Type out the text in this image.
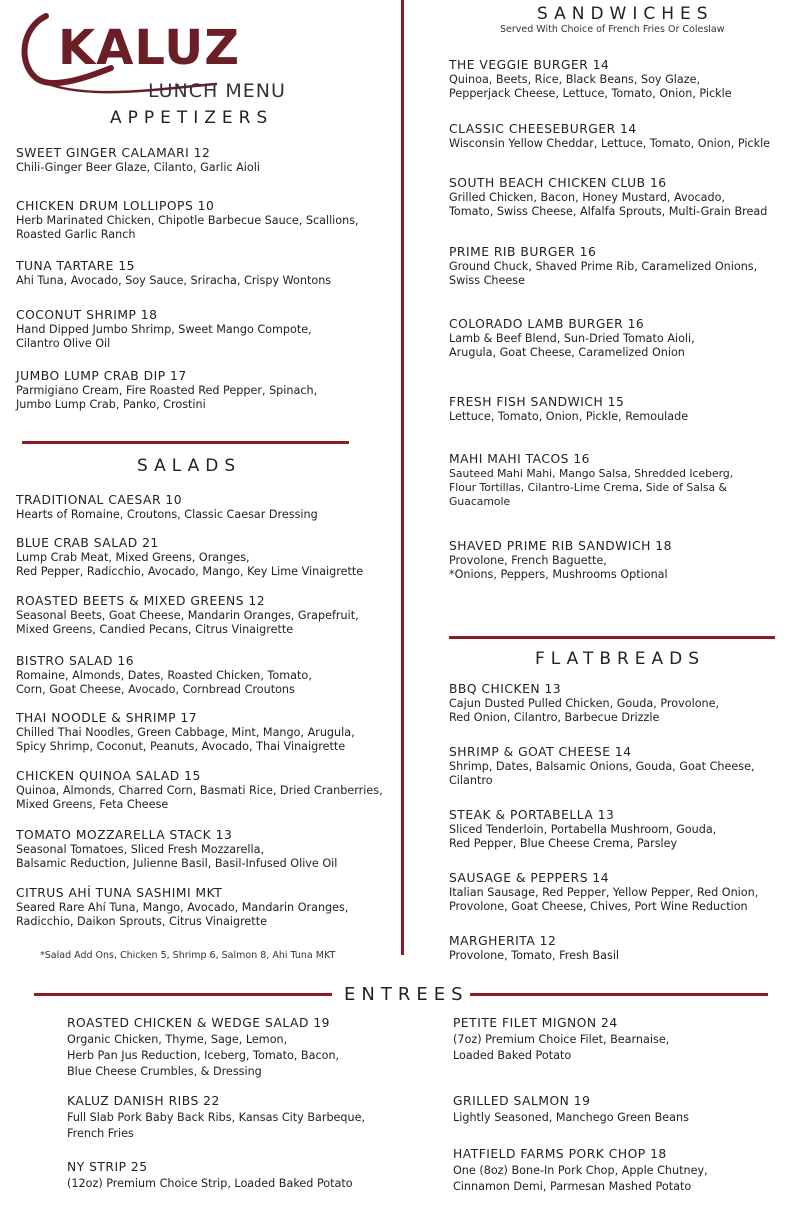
KALUZ
LUNCH MENU
APPETIZERS
SWEET GINGER CALAMARI 12
Chili-Ginger Beer Glaze, Cilanto, Garlic Aioli
CHICKEN DRUM LOLLIPOPS 10
Herb Marinated Chicken, Chipotle Barbecue Sauce, Scallions,
Roasted Garlic Ranch
TUNA TARTARE 15
Ahi Tuna, Avocado, Soy Sauce, Sriracha, Crispy Wontons
COCONUT SHRIMP 18
Hand Dipped Jumbo Shrimp, Sweet Mango Compote,
Cilantro Olive Oil
JUMBO LUMP CRAB DIP 17
Parmigiano Cream, Fire Roasted Red Pepper, Spinach,
Jumbo Lump Crab, Panko, Crostini
SALADS
TRADITIONAL CAESAR 10
Hearts of Romaine, Croutons, Classic Caesar Dressing
BLUE CRAB SALAD 21
Lump Crab Meat, Mixed Greens, Oranges,
Red Pepper, Radicchio, Avocado, Mango, Key Lime Vinaigrette
ROASTED BEETS & MIXED GREENS 12
Seasonal Beets, Goat Cheese, Mandarin Oranges, Grapefruit,
Mixed Greens, Candied Pecans, Citrus Vinaigrette
BISTRO SALAD 16
Romaine, Almonds, Dates, Roasted Chicken, Tomato,
Corn, Goat Cheese, Avocado, Cornbread Croutons
THAI NOODLE & SHRIMP 17
Chilled Thai Noodles, Green Cabbage, Mint, Mango, Arugula,
Spicy Shrimp, Coconut, Peanuts, Avocado, Thai Vinaigrette
CHICKEN QUINOA SALAD 15
Quinoa, Almonds, Charred Corn, Basmati Rice, Dried Cranberries,
Mixed Greens, Feta Cheese
TOMATO MOZZARELLA STACK 13
Seasonal Tomatoes, Sliced Fresh Mozzarella,
Balsamic Reduction, Julienne Basil, Basil-Infused Olive Oil
CITRUS AHÍ TUNA SASHIMI MKT
Seared Rare Ahí Tuna, Mango, Avocado, Mandarin Oranges,
Radicchio, Daikon Sprouts, Citrus Vinaigrette
*Salad Add Ons, Chicken 5, Shrimp 6, Salmon 8, Ahi Tuna MKT
SANDWICHES
Served With Choice of French Fries Or Coleslaw
THE VEGGIE BURGER 14
Quinoa, Beets, Rice, Black Beans, Soy Glaze,
Pepperjack Cheese, Lettuce, Tomato, Onion, Pickle
CLASSIC CHEESEBURGER 14
Wisconsin Yellow Cheddar, Lettuce, Tomato, Onion, Pickle
SOUTH BEACH CHICKEN CLUB 16
Grilled Chicken, Bacon, Honey Mustard, Avocado,
Tomato, Swiss Cheese, Alfalfa Sprouts, Multi-Grain Bread
PRIME RIB BURGER 16
Ground Chuck, Shaved Prime Rib, Caramelized Onions,
Swiss Cheese
COLORADO LAMB BURGER 16
Lamb & Beef Blend, Sun-Dried Tomato Aioli,
Arugula, Goat Cheese, Caramelized Onion
FRESH FISH SANDWICH 15
Lettuce, Tomato, Onion, Pickle, Remoulade
MAHI MAHI TACOS 16
Sauteed Mahi Mahi, Mango Salsa, Shredded Iceberg,
Flour Tortillas, Cilantro-Lime Crema, Side of Salsa &
Guacamole
SHAVED PRIME RIB SANDWICH 18
Provolone, French Baguette,
*Onions, Peppers, Mushrooms Optional
FLATBREADS
BBQ CHICKEN 13
Cajun Dusted Pulled Chicken, Gouda, Provolone,
Red Onion, Cilantro, Barbecue Drizzle
SHRIMP & GOAT CHEESE 14
Shrimp, Dates, Balsamic Onions, Gouda, Goat Cheese,
Cilantro
STEAK & PORTABELLA 13
Sliced Tenderloin, Portabella Mushroom, Gouda,
Red Pepper, Blue Cheese Crema, Parsley
SAUSAGE & PEPPERS 14
Italian Sausage, Red Pepper, Yellow Pepper, Red Onion,
Provolone, Goat Cheese, Chives, Port Wine Reduction
MARGHERITA 12
Provolone, Tomato, Fresh Basil
ENTREES
ROASTED CHICKEN & WEDGE SALAD 19
Organic Chicken, Thyme, Sage, Lemon,
Herb Pan Jus Reduction, Iceberg, Tomato, Bacon,
Blue Cheese Crumbles, & Dressing
KALUZ DANISH RIBS 22
Full Slab Pork Baby Back Ribs, Kansas City Barbeque,
French Fries
NY STRIP 25
(12oz) Premium Choice Strip, Loaded Baked Potato
PETITE FILET MIGNON 24
(7oz) Premium Choice Filet, Bearnaise,
Loaded Baked Potato
GRILLED SALMON 19
Lightly Seasoned, Manchego Green Beans
HATFIELD FARMS PORK CHOP 18
One (8oz) Bone-In Pork Chop, Apple Chutney,
Cinnamon Demi, Parmesan Mashed Potato
